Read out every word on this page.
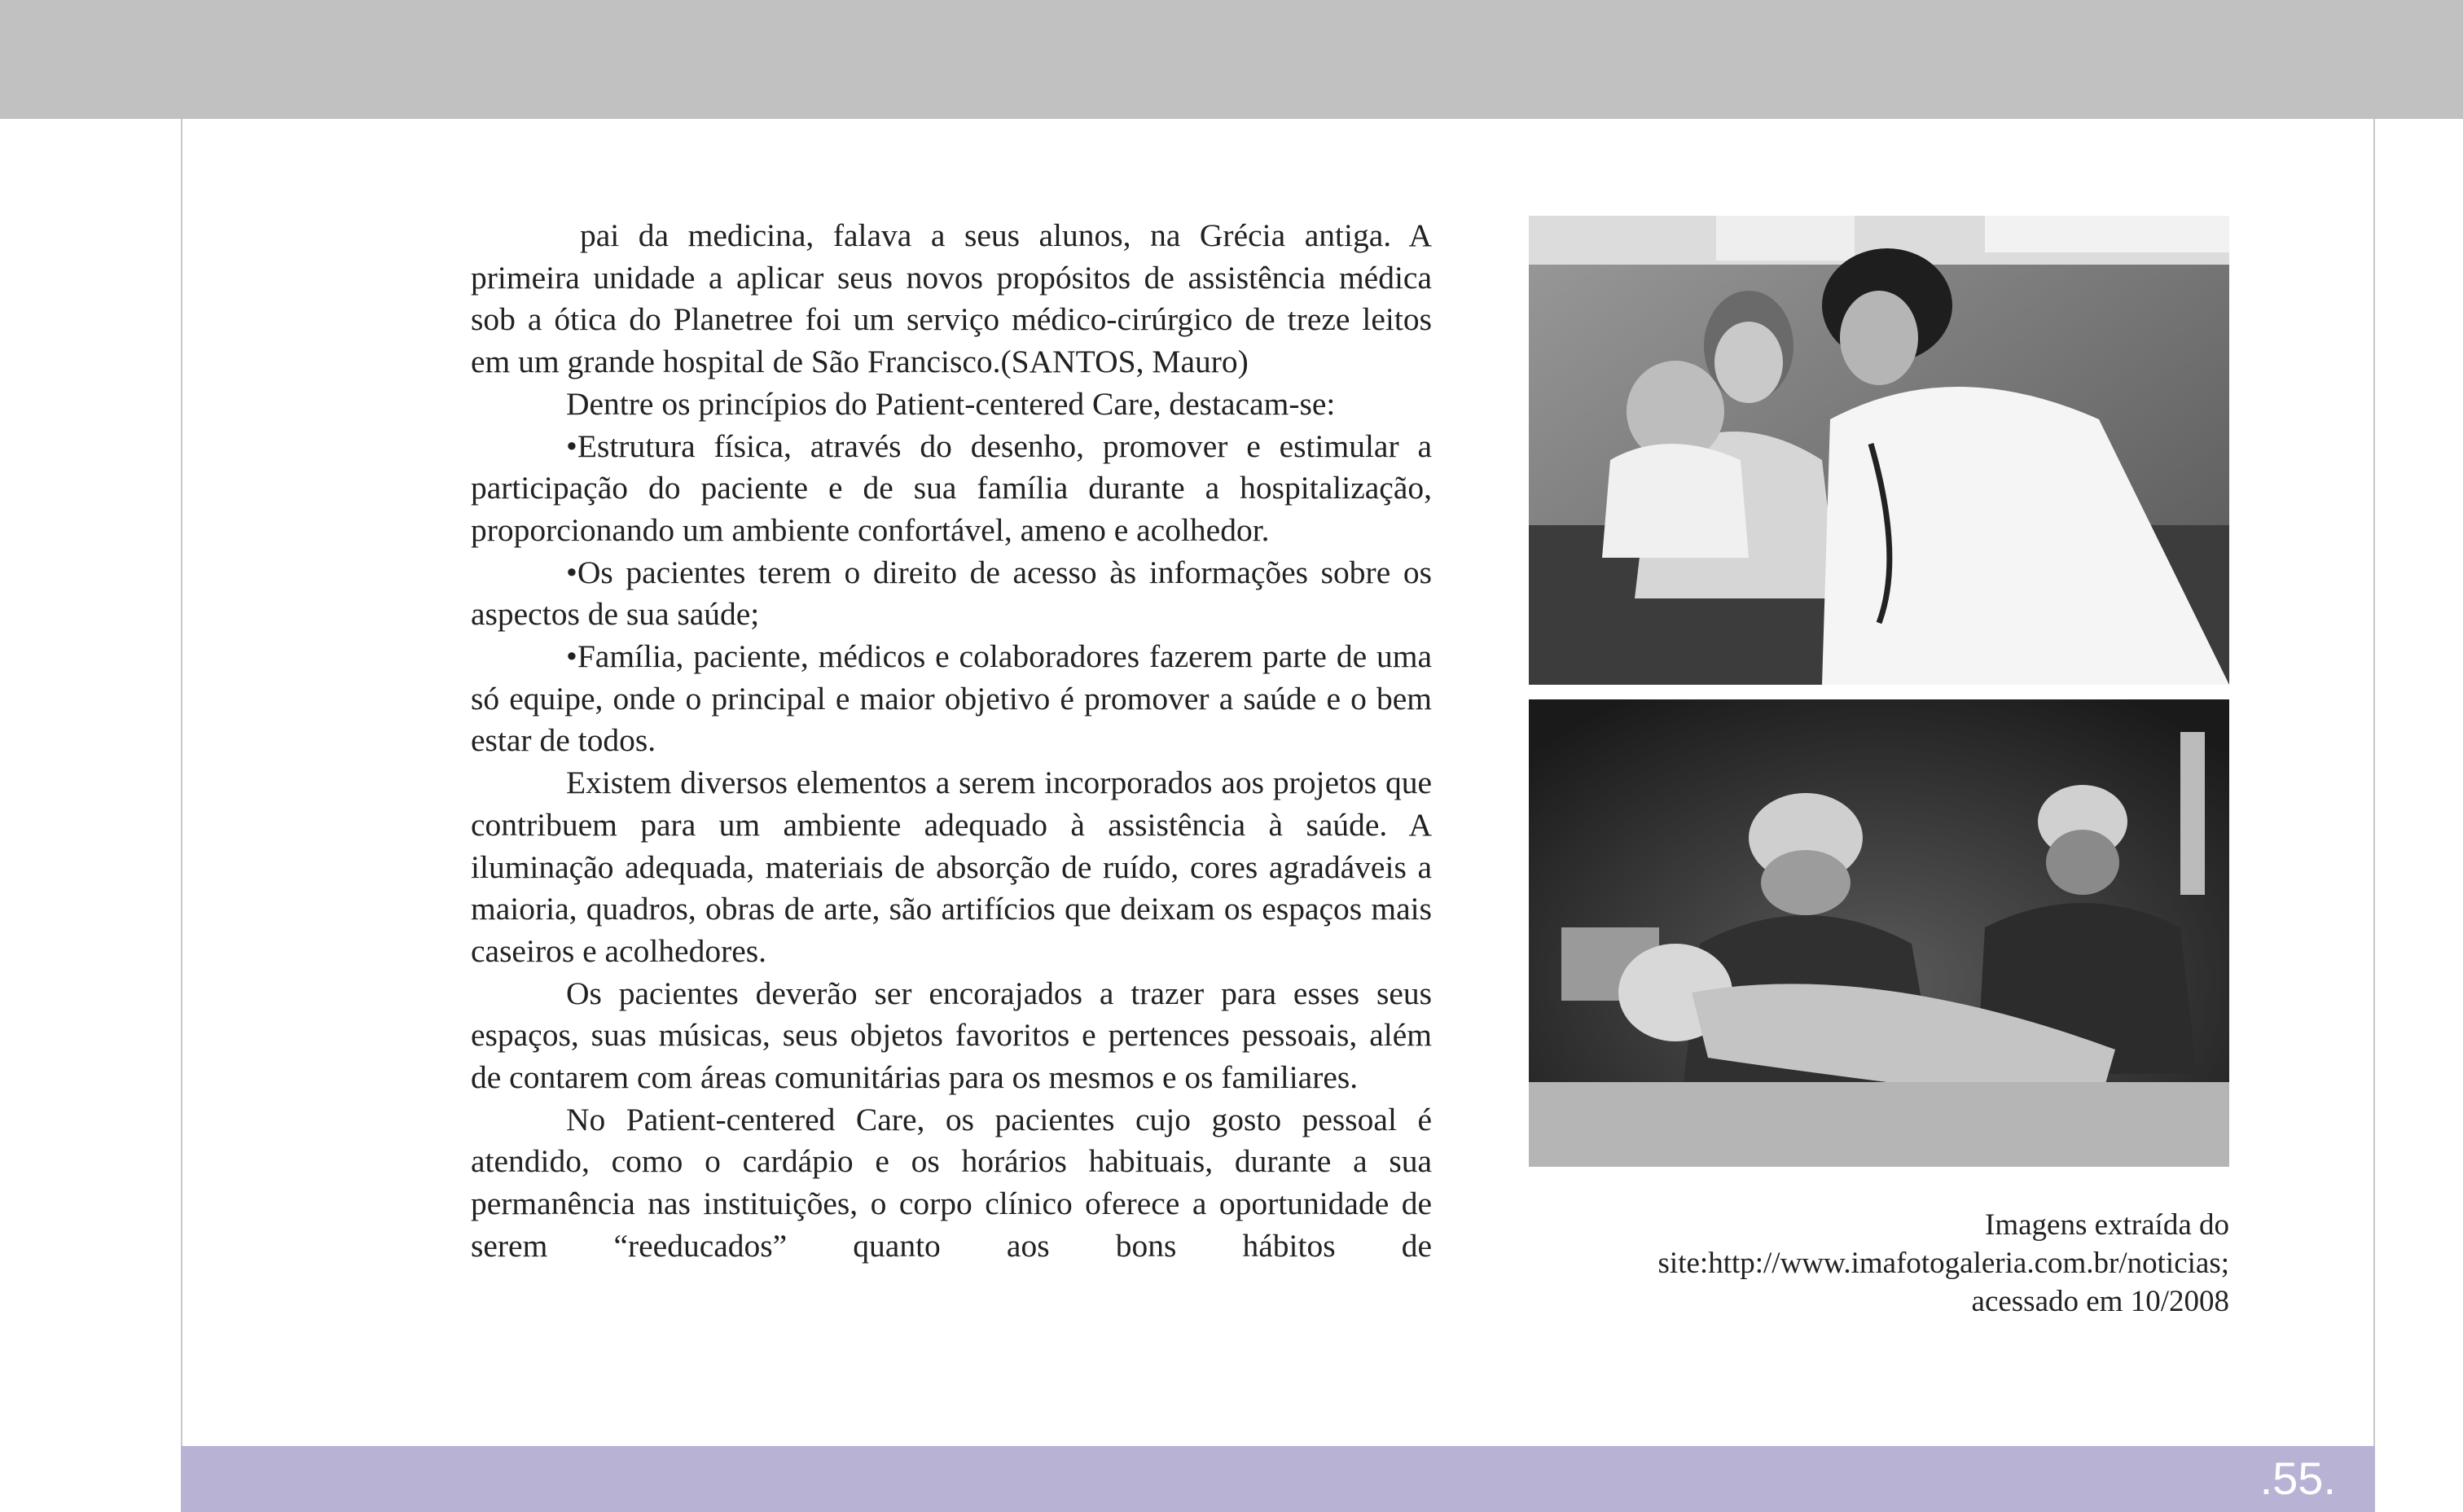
pai da medicina, falava a seus alunos, na Grécia antiga. A primeira unidade a aplicar seus novos propósitos de assistência médica sob a ótica do Planetree foi um serviço médico-cirúrgico de treze leitos em um grande hospital de São Francisco.(SANTOS, Mauro)

Dentre os princípios do Patient-centered Care, destacam-se:

•Estrutura física, através do desenho, promover e estimular a participação do paciente e de sua família durante a hospitalização, proporcionando um ambiente confortável, ameno e acolhedor.

•Os pacientes terem o direito de acesso às informações sobre os aspectos de sua saúde;

•Família, paciente, médicos e colaboradores fazerem parte de uma só equipe, onde o principal e maior objetivo é promover a saúde e o bem estar de todos.

Existem diversos elementos a serem incorporados aos projetos que contribuem para um ambiente adequado à assistência à saúde. A iluminação adequada, materiais de absorção de ruído, cores agradáveis a maioria, quadros, obras de arte, são artifícios que deixam os espaços mais caseiros e acolhedores.

Os pacientes deverão ser encorajados a trazer para esses seus espaços, suas músicas, seus objetos favoritos e pertences pessoais, além de contarem com áreas comunitárias para os mesmos e os familiares.

No Patient-centered Care, os pacientes cujo gosto pessoal é atendido, como o cardápio e os horários habituais, durante a sua permanência nas instituições, o corpo clínico oferece a oportunidade de serem “reeducados” quanto aos bons hábitos de

Imagens extraída do
site:http://www.imafotogaleria.com.br/noticias;
acessado em 10/2008
.55.
